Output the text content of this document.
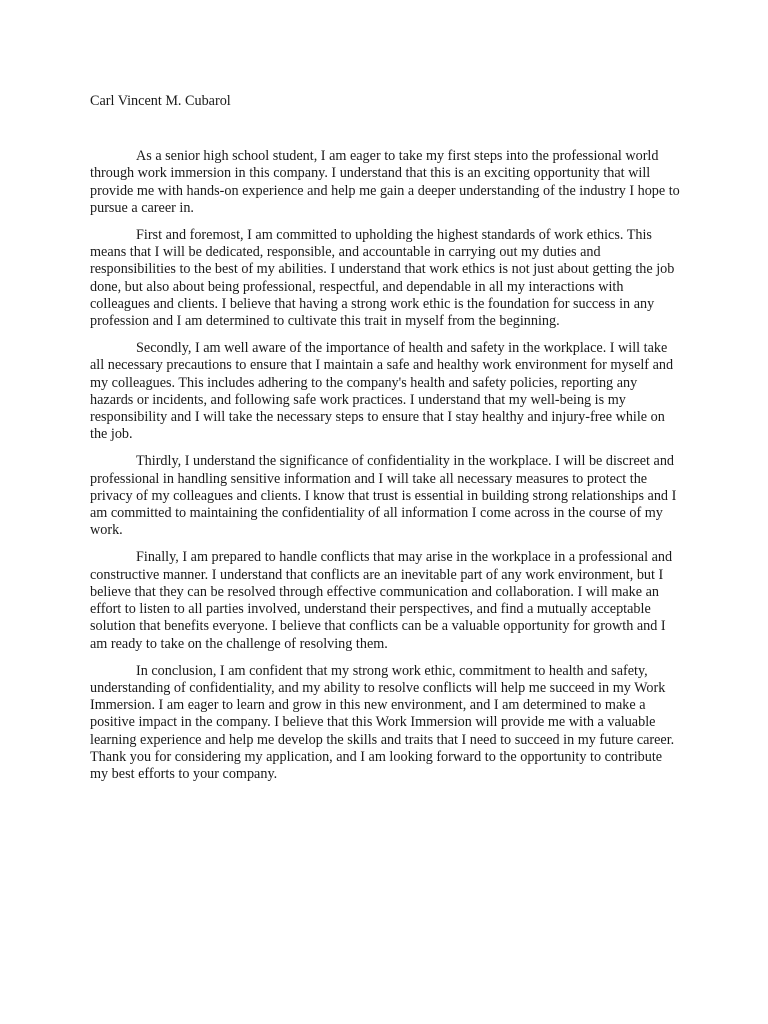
Carl Vincent M. Cubarol

As a senior high school student, I am eager to take my first steps into the professional world through work immersion in this company. I understand that this is an exciting opportunity that will provide me with hands-on experience and help me gain a deeper understanding of the industry I hope to pursue a career in.

First and foremost, I am committed to upholding the highest standards of work ethics. This means that I will be dedicated, responsible, and accountable in carrying out my duties and responsibilities to the best of my abilities. I understand that work ethics is not just about getting the job done, but also about being professional, respectful, and dependable in all my interactions with colleagues and clients. I believe that having a strong work ethic is the foundation for success in any profession and I am determined to cultivate this trait in myself from the beginning.

Secondly, I am well aware of the importance of health and safety in the workplace. I will take all necessary precautions to ensure that I maintain a safe and healthy work environment for myself and my colleagues. This includes adhering to the company's health and safety policies, reporting any hazards or incidents, and following safe work practices. I understand that my well-being is my responsibility and I will take the necessary steps to ensure that I stay healthy and injury-free while on the job.

Thirdly, I understand the significance of confidentiality in the workplace. I will be discreet and professional in handling sensitive information and I will take all necessary measures to protect the privacy of my colleagues and clients. I know that trust is essential in building strong relationships and I am committed to maintaining the confidentiality of all information I come across in the course of my work.

Finally, I am prepared to handle conflicts that may arise in the workplace in a professional and constructive manner. I understand that conflicts are an inevitable part of any work environment, but I believe that they can be resolved through effective communication and collaboration. I will make an effort to listen to all parties involved, understand their perspectives, and find a mutually acceptable solution that benefits everyone. I believe that conflicts can be a valuable opportunity for growth and I am ready to take on the challenge of resolving them.

In conclusion, I am confident that my strong work ethic, commitment to health and safety, understanding of confidentiality, and my ability to resolve conflicts will help me succeed in my Work Immersion. I am eager to learn and grow in this new environment, and I am determined to make a positive impact in the company. I believe that this Work Immersion will provide me with a valuable learning experience and help me develop the skills and traits that I need to succeed in my future career. Thank you for considering my application, and I am looking forward to the opportunity to contribute my best efforts to your company.
